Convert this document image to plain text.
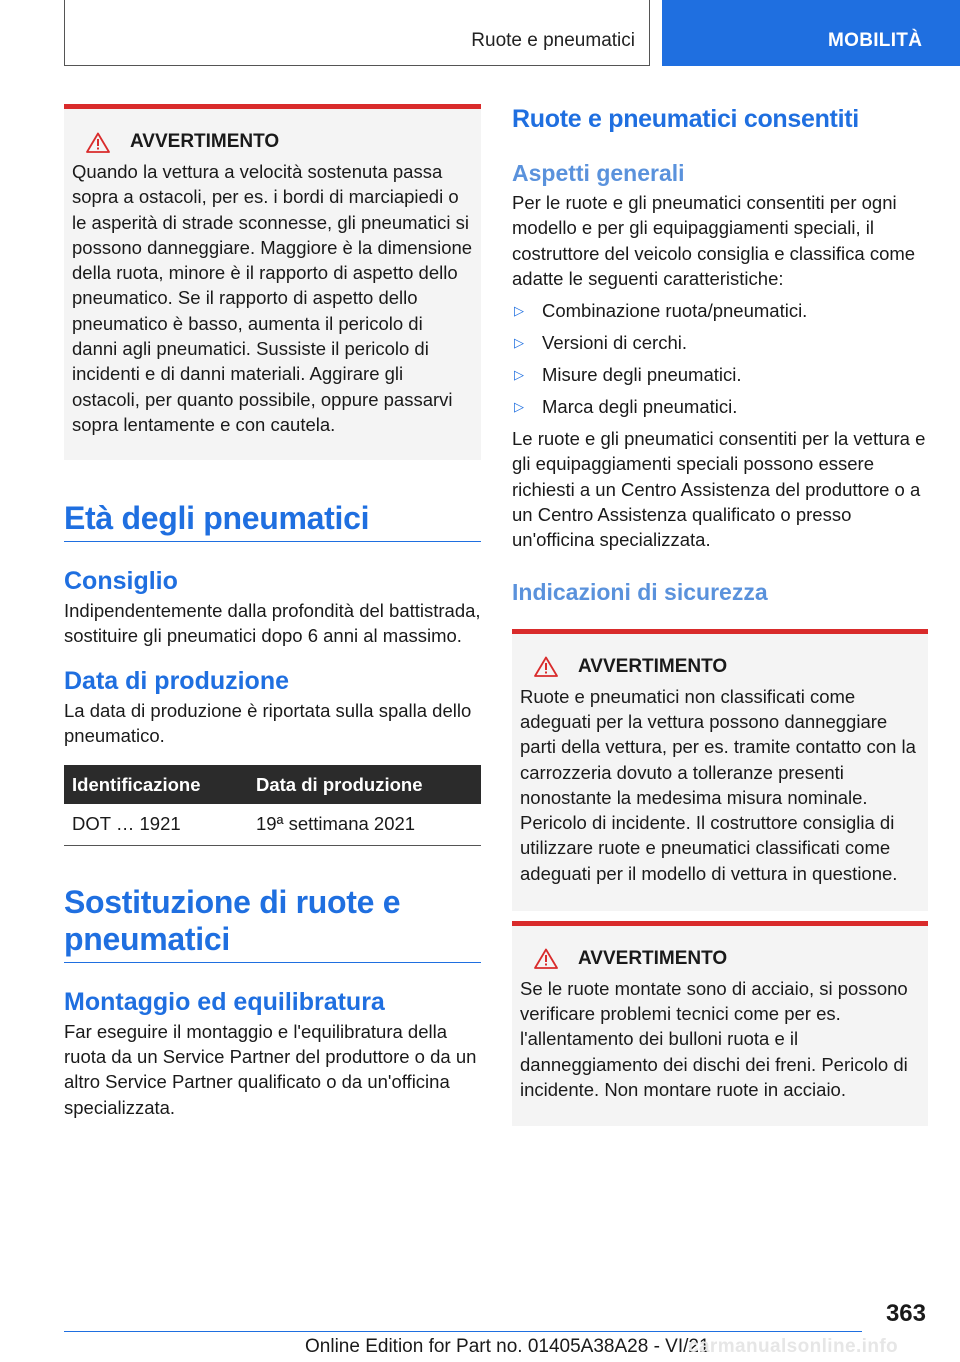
Ruote e pneumatici	MOBILITÀ
AVVERTIMENTO

Quando la vettura a velocità sostenuta passa sopra a ostacoli, per es. i bordi di marciapiedi o le asperità di strade sconnesse, gli pneumatici si possono danneggiare. Maggiore è la dimensione della ruota, minore è il rapporto di aspetto dello pneumatico. Se il rapporto di aspetto dello pneumatico è basso, aumenta il pericolo di danni agli pneumatici. Sussiste il pericolo di incidenti e di danni materiali. Aggirare gli ostacoli, per quanto possibile, oppure passarvi sopra lentamente e con cautela.

Età degli pneumatici
Consiglio

Indipendentemente dalla profondità del battistrada, sostituire gli pneumatici dopo 6 anni al massimo.

Data di produzione

La data di produzione è riportata sulla spalla dello pneumatico.

Identificazione	Data di produzione
DOT … 1921	19ª settimana 2021
Sostituzione di ruote e pneumatici
Montaggio ed equilibratura

Far eseguire il montaggio e l'equilibratura della ruota da un Service Partner del produttore o da un altro Service Partner qualificato o da un'officina specializzata.

Ruote e pneumatici consentiti
Aspetti generali

Per le ruote e gli pneumatici consentiti per ogni modello e per gli equipaggiamenti speciali, il costruttore del veicolo consiglia e classifica come adatte le seguenti caratteristiche:

▷ Combinazione ruota/pneumatici.
▷ Versioni di cerchi.
▷ Misure degli pneumatici.
▷ Marca degli pneumatici.

Le ruote e gli pneumatici consentiti per la vettura e gli equipaggiamenti speciali possono essere richiesti a un Centro Assistenza del produttore o a un Centro Assistenza qualificato o presso un'officina specializzata.

Indicazioni di sicurezza
AVVERTIMENTO

Ruote e pneumatici non classificati come adeguati per la vettura possono danneggiare parti della vettura, per es. tramite contatto con la carrozzeria dovuto a tolleranze presenti nonostante la medesima misura nominale. Pericolo di incidente. Il costruttore consiglia di utilizzare ruote e pneumatici classificati come adeguati per il modello di vettura in questione.

AVVERTIMENTO

Se le ruote montate sono di acciaio, si possono verificare problemi tecnici come per es. l'allentamento dei bulloni ruota e il danneggiamento dei dischi dei freni. Pericolo di incidente. Non montare ruote in acciaio.

363
Online Edition for Part no. 01405A38A28 - VI/21
carmanualsonline.info
